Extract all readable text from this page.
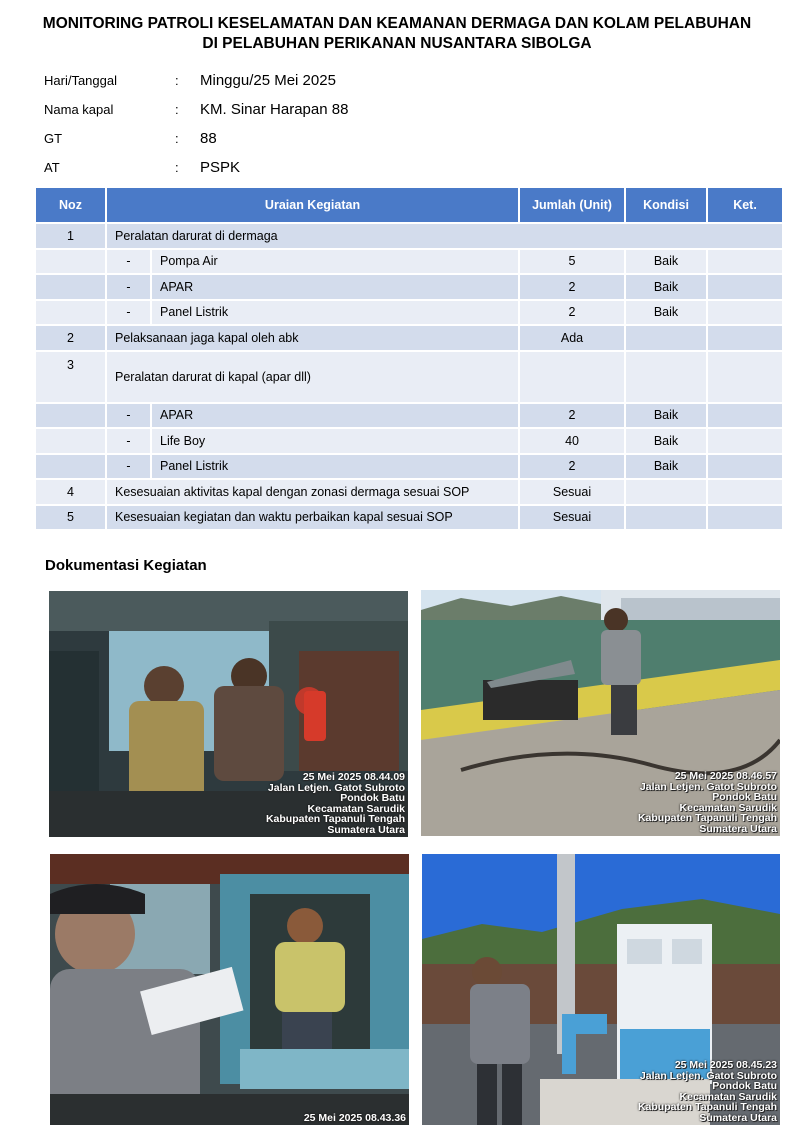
MONITORING PATROLI KESELAMATAN DAN KEAMANAN DERMAGA DAN KOLAM PELABUHAN
DI PELABUHAN PERIKANAN NUSANTARA SIBOLGA
Hari/Tanggal	:	Minggu/25 Mei 2025
Nama kapal	:	KM. Sinar Harapan 88
GT	:	88
AT	:	PSPK
Noz	Uraian Kegiatan		Jumlah (Unit)	Kondisi	Ket.
1	Peralatan darurat di dermaga				
	-	Pompa Air	5	Baik	
	-	APAR	2	Baik	
	-	Panel Listrik	2	Baik	
2	Pelaksanaan jaga kapal oleh abk		Ada		
3	Peralatan darurat di kapal (apar dll)				
	-	APAR	2	Baik	
	-	Life Boy	40	Baik	
	-	Panel Listrik	2	Baik	
4	Kesesuaian aktivitas kapal dengan zonasi dermaga sesuai SOP		Sesuai		
5	Kesesuaian kegiatan dan waktu perbaikan kapal sesuai SOP		Sesuai		
Dokumentasi Kegiatan
25 Mei 2025 08.44.09
Jalan Letjen. Gatot Subroto
Pondok Batu
Kecamatan Sarudik
Kabupaten Tapanuli Tengah
Sumatera Utara
25 Mei 2025 08.46.57
Jalan Letjen. Gatot Subroto
Pondok Batu
Kecamatan Sarudik
Kabupaten Tapanuli Tengah
Sumatera Utara
25 Mei 2025 08.43.36
25 Mei 2025 08.45.23
Jalan Letjen. Gatot Subroto
Pondok Batu
Kecamatan Sarudik
Kabupaten Tapanuli Tengah
Sumatera Utara
